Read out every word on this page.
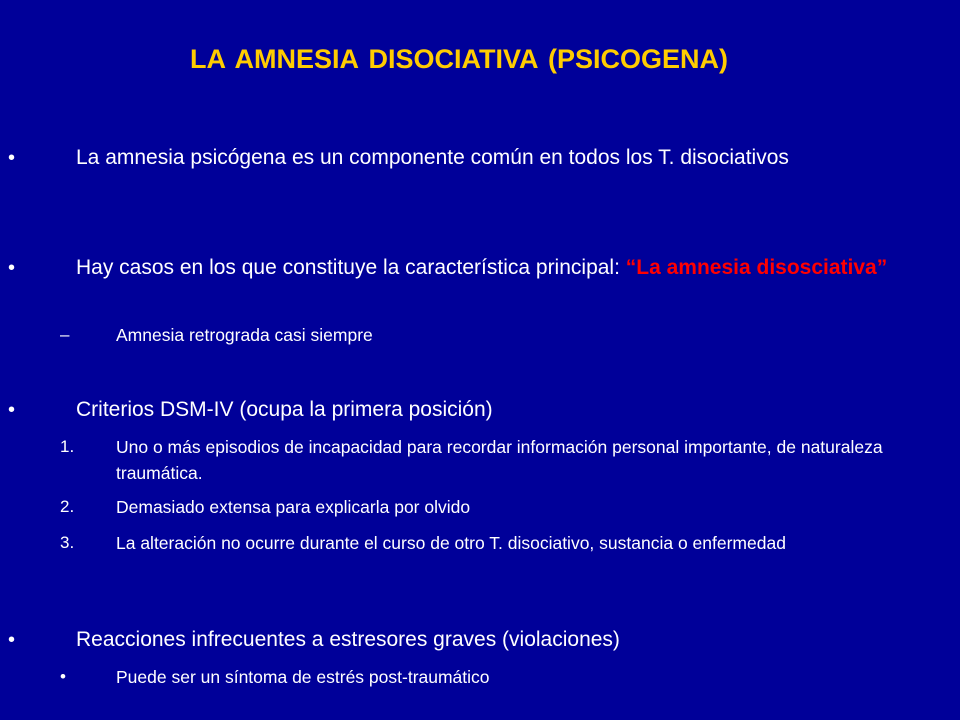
LA AMNESIA DISOCIATIVA (PSICOGENA)
•	La amnesia psicógena es un componente común en todos los T. disociativos
•	Hay casos en los que constituye la característica principal: “La amnesia disosciativa”
–	Amnesia retrograda casi siempre
•	Criterios DSM-IV (ocupa la primera posición)
1. Uno o más episodios de incapacidad para recordar información personal importante, de naturaleza traumática.
2. Demasiado extensa para explicarla por olvido
3. La alteración no ocurre durante el curso de otro T. disociativo, sustancia o enfermedad
•	Reacciones infrecuentes a estresores graves (violaciones)
•	Puede ser un síntoma de estrés post-traumático
